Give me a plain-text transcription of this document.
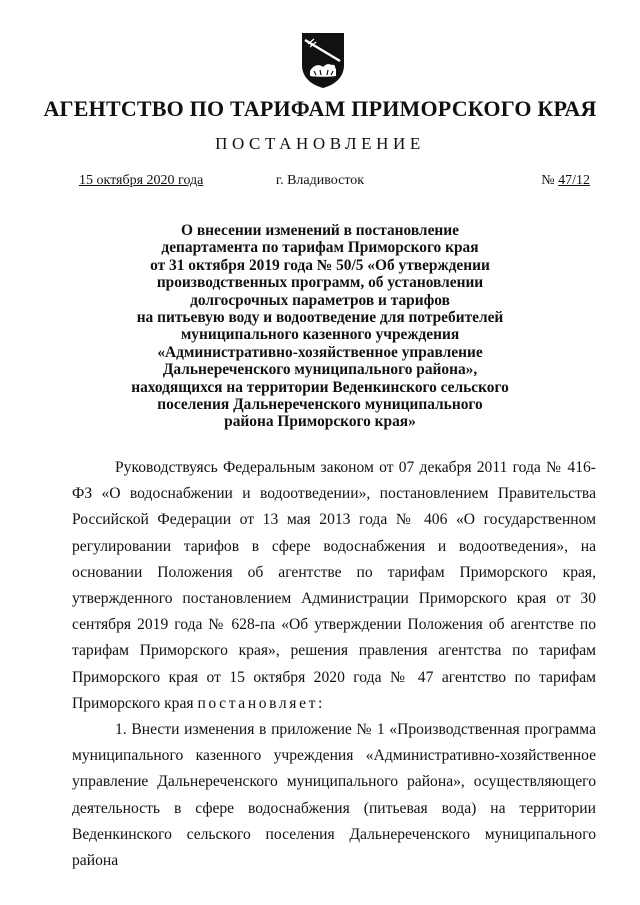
АГЕНТСТВО ПО ТАРИФАМ ПРИМОРСКОГО КРАЯ
ПОСТАНОВЛЕНИЕ
15 октября 2020 года	г. Владивосток	№ 47/12
О внесении изменений в постановление
департамента по тарифам Приморского края
от 31 октября 2019 года № 50/5 «Об утверждении
производственных программ, об установлении
долгосрочных параметров и тарифов
на питьевую воду и водоотведение для потребителей
муниципального казенного учреждения
«Административно-хозяйственное управление
Дальнереченского муниципального района»,
находящихся на территории Веденкинского сельского
поселения Дальнереченского муниципального
района Приморского края»

Руководствуясь Федеральным законом от 07 декабря 2011 года № 416-ФЗ «О водоснабжении и водоотведении», постановлением Правительства Российской Федерации от 13 мая 2013 года № 406 «О государственном регулировании тарифов в сфере водоснабжения и водоотведения», на основании Положения об агентстве по тарифам Приморского края, утвержденного постановлением Администрации Приморского края от 30 сентября 2019 года № 628-па «Об утверждении Положения об агентстве по тарифам Приморского края», решения правления агентства по тарифам Приморского края от 15 октября 2020 года № 47 агентство по тарифам Приморского края постановляет:

1. Внести изменения в приложение № 1 «Производственная программа муниципального казенного учреждения «Административно-хозяйственное управление Дальнереченского муниципального района», осуществляющего деятельность в сфере водоснабжения (питьевая вода) на территории Веденкинского сельского поселения Дальнереченского муниципального района
